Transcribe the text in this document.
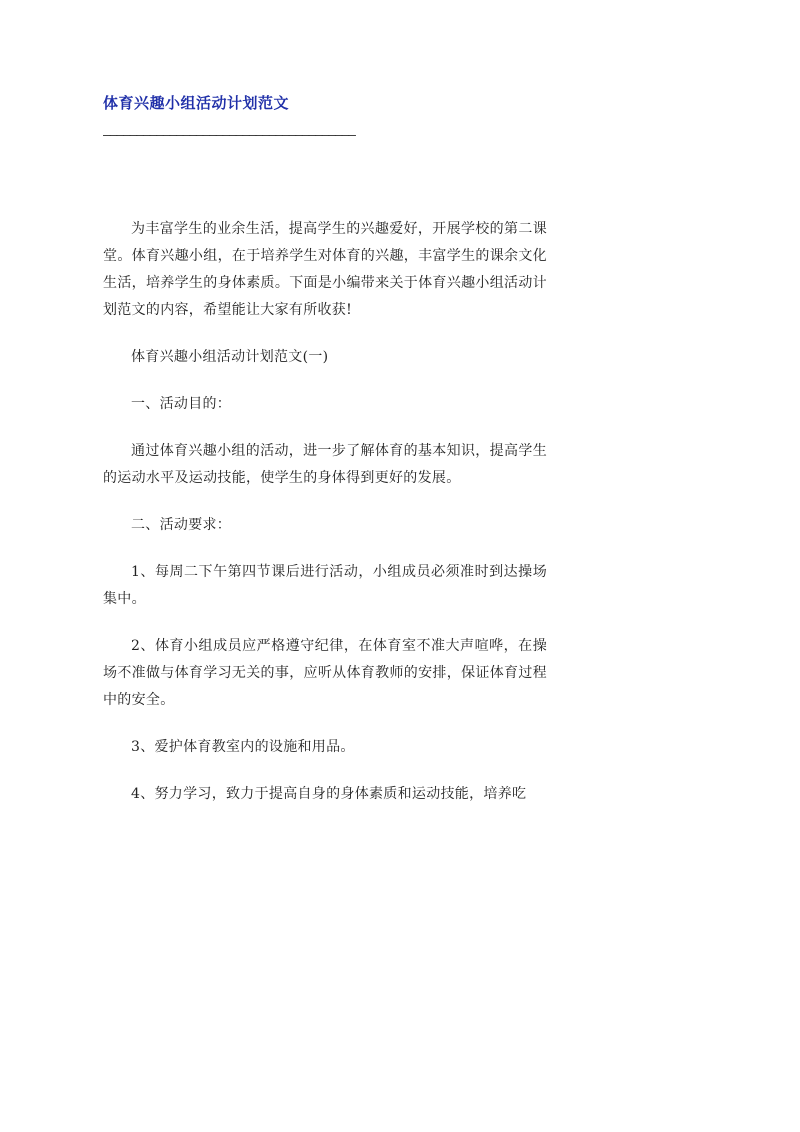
体育兴趣小组活动计划范文
——————————————————————————————————————

为丰富学生的业余生活，提高学生的兴趣爱好，开展学校的第二课堂。体育兴趣小组，在于培养学生对体育的兴趣，丰富学生的课余文化生活，培养学生的身体素质。下面是小编带来关于体育兴趣小组活动计划范文的内容，希望能让大家有所收获!

体育兴趣小组活动计划范文(一)

一、活动目的：

通过体育兴趣小组的活动，进一步了解体育的基本知识，提高学生的运动水平及运动技能，使学生的身体得到更好的发展。

二、活动要求：

1、每周二下午第四节课后进行活动，小组成员必须准时到达操场集中。

2、体育小组成员应严格遵守纪律，在体育室不准大声喧哗，在操场不准做与体育学习无关的事，应听从体育教师的安排，保证体育过程中的安全。

3、爱护体育教室内的设施和用品。

4、努力学习，致力于提高自身的身体素质和运动技能，培养吃
